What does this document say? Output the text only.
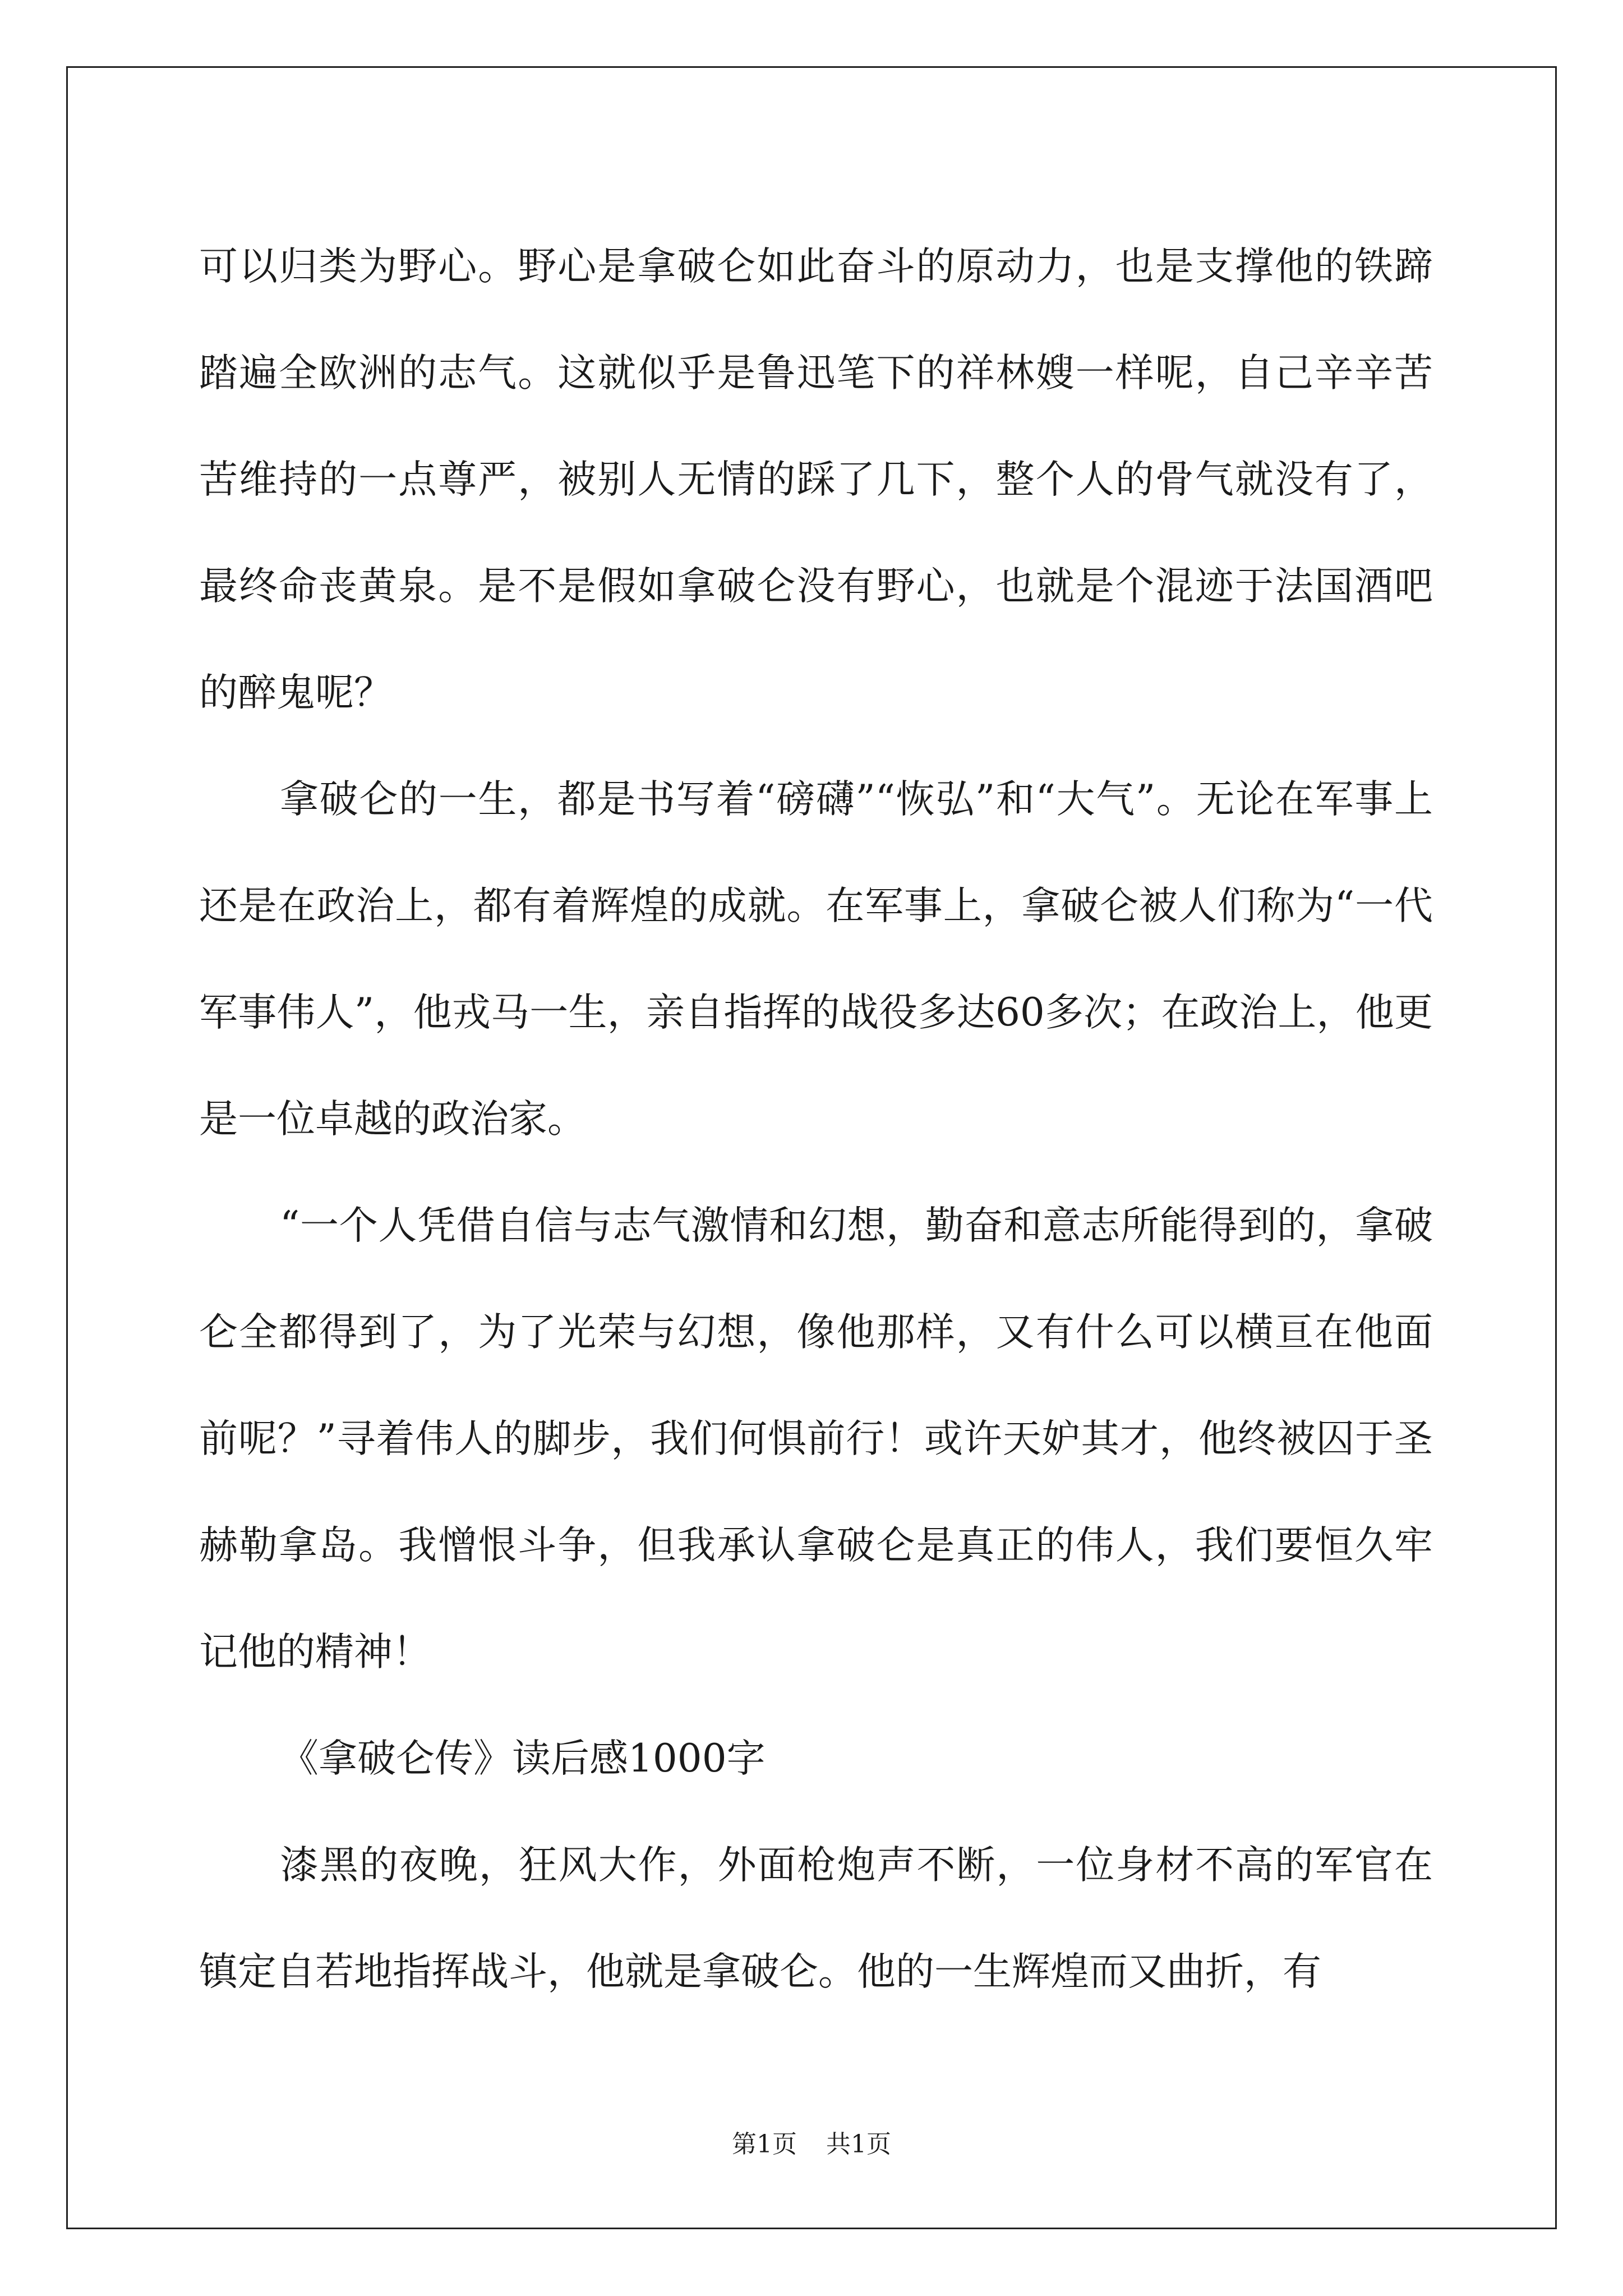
可以归类为野心。野心是拿破仑如此奋斗的原动力，也是支撑他的铁蹄踏遍全欧洲的志气。这就似乎是鲁迅笔下的祥林嫂一样呢，自己辛辛苦苦维持的一点尊严，被别人无情的踩了几下，整个人的骨气就没有了，最终命丧黄泉。是不是假如拿破仑没有野心，也就是个混迹于法国酒吧的醉鬼呢？

拿破仑的一生，都是书写着“磅礴”“恢弘”和“大气”。无论在军事上还是在政治上，都有着辉煌的成就。在军事上，拿破仑被人们称为“一代军事伟人”，他戎马一生，亲自指挥的战役多达60多次；在政治上，他更是一位卓越的政治家。

“一个人凭借自信与志气激情和幻想，勤奋和意志所能得到的，拿破仑全都得到了，为了光荣与幻想，像他那样，又有什么可以横亘在他面前呢？”寻着伟人的脚步，我们何惧前行！或许天妒其才，他终被囚于圣赫勒拿岛。我憎恨斗争，但我承认拿破仑是真正的伟人，我们要恒久牢记他的精神！

《拿破仑传》读后感1000字

漆黑的夜晚，狂风大作，外面枪炮声不断，一位身材不高的军官在镇定自若地指挥战斗，他就是拿破仑。他的一生辉煌而又曲折，有

第1页 共1页
